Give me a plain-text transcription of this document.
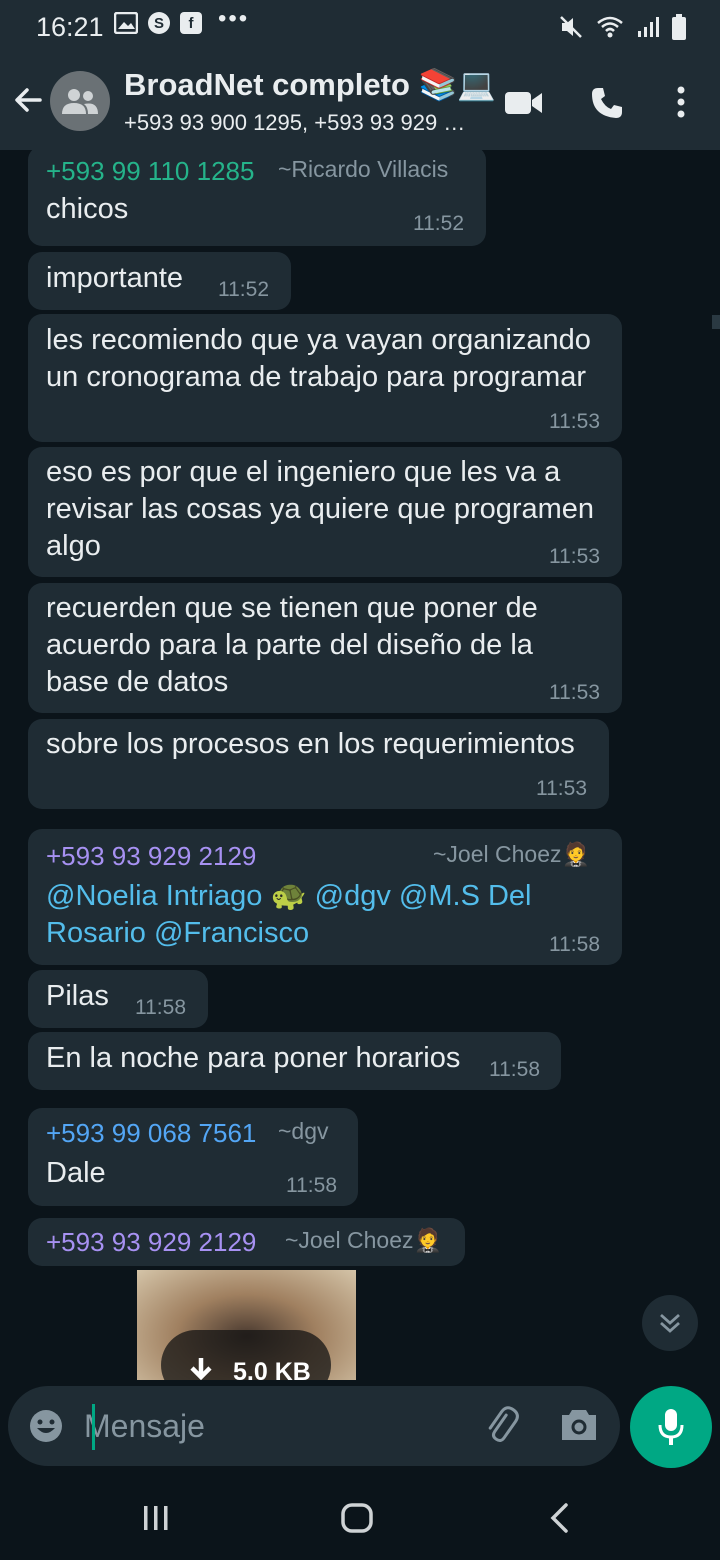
16:21	S	f	•••
BroadNet completo 📚💻
+593 93 900 1295, +593 93 929 …
+593 99 110 1285 ~Ricardo Villacis
chicos	11:52
importante 11:52
les recomiendo que ya vayan organizando
un cronograma de trabajo para programar
11:53
eso es por que el ingeniero que les va a
revisar las cosas ya quiere que programen
algo	11:53
recuerden que se tienen que poner de
acuerdo para la parte del diseño de la
base de datos	11:53
sobre los procesos en los requerimientos
11:53
+593 93 929 2129	~Joel Choez🤵
@Noelia Intriago 🐢 @dgv @M.S Del
Rosario @Francisco	11:58
Pilas 11:58
En la noche para poner horarios 11:58
+593 99 068 7561 ~dgv
Dale	11:58
+593 93 929 2129 ~Joel Choez🤵
5.0 KB
Mensaje
